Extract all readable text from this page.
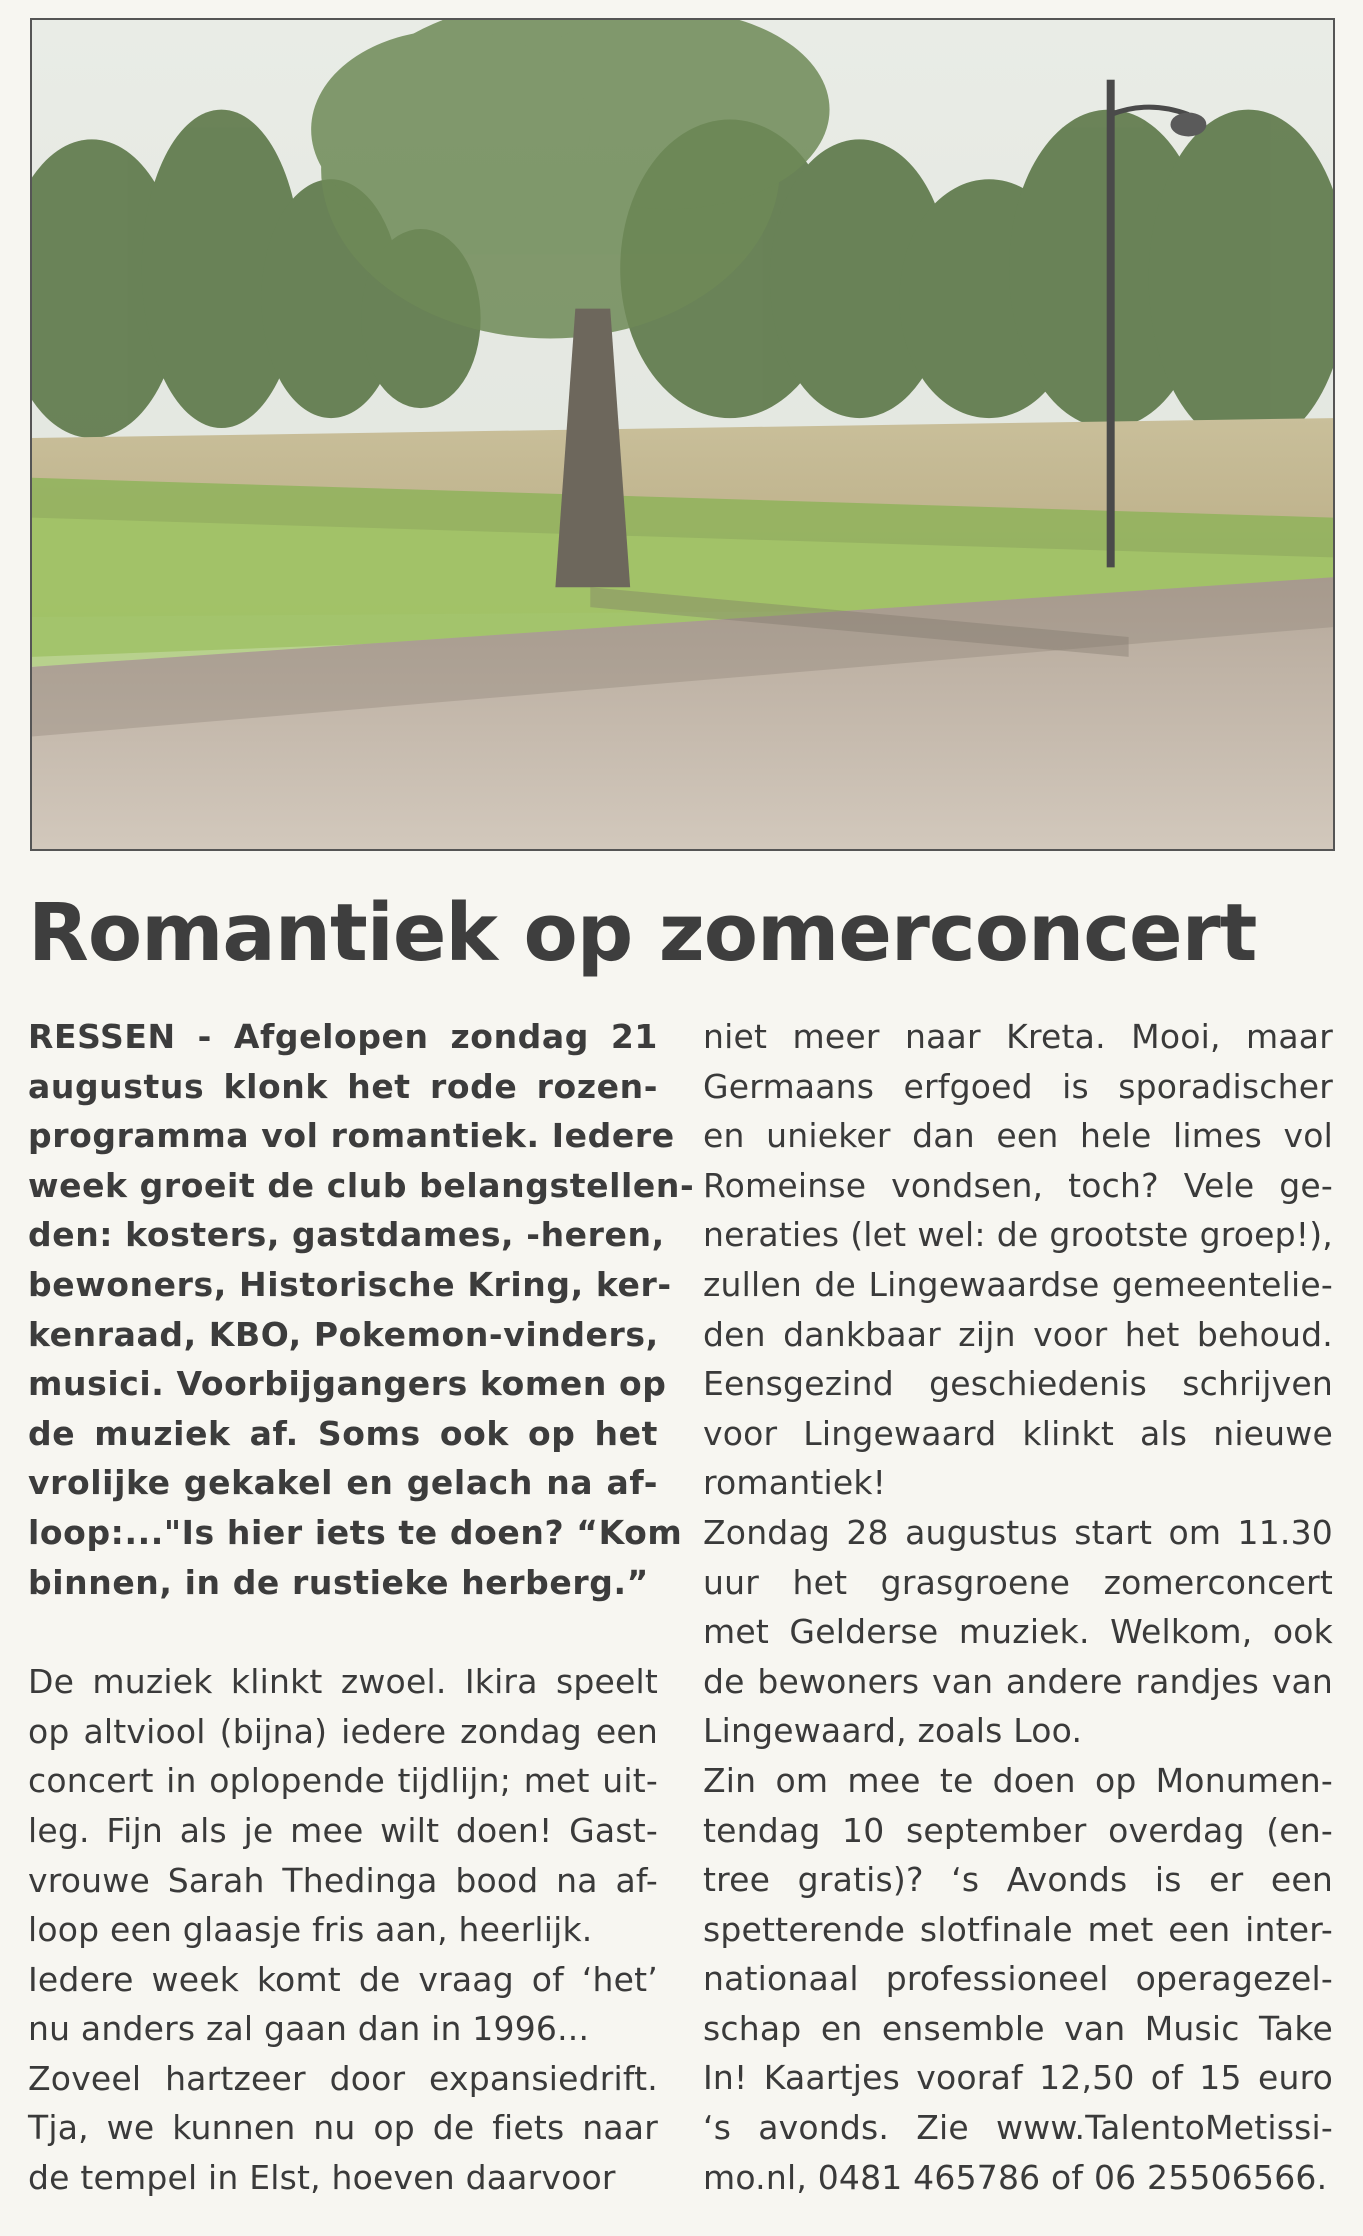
Romantiek op zomerconcert

RESSEN - Afgelopen zondag 21
augustus klonk het rode rozen-
programma vol romantiek. Iedere
week groeit de club belangstellen-
den: kosters, gastdames, -heren,
bewoners, Historische Kring, ker-
kenraad, KBO, Pokemon-vinders,
musici. Voorbijgangers komen op
de muziek af. Soms ook op het
vrolijke gekakel en gelach na af-
loop:..."Is hier iets te doen? “Kom
binnen, in de rustieke herberg.”

De muziek klinkt zwoel. Ikira speelt
op altviool (bijna) iedere zondag een
concert in oplopende tijdlijn; met uit-
leg. Fijn als je mee wilt doen! Gast-
vrouwe Sarah Thedinga bood na af-
loop een glaasje fris aan, heerlijk.
Iedere week komt de vraag of ‘het’
nu anders zal gaan dan in 1996...
Zoveel hartzeer door expansiedrift.
Tja, we kunnen nu op de fiets naar
de tempel in Elst, hoeven daarvoor

niet meer naar Kreta. Mooi, maar
Germaans erfgoed is sporadischer
en unieker dan een hele limes vol
Romeinse vondsen, toch? Vele ge-
neraties (let wel: de grootste groep!),
zullen de Lingewaardse gemeentelie-
den dankbaar zijn voor het behoud.
Eensgezind geschiedenis schrijven
voor Lingewaard klinkt als nieuwe
romantiek!
Zondag 28 augustus start om 11.30
uur het grasgroene zomerconcert
met Gelderse muziek. Welkom, ook
de bewoners van andere randjes van
Lingewaard, zoals Loo.
Zin om mee te doen op Monumen-
tendag 10 september overdag (en-
tree gratis)? ‘s Avonds is er een
spetterende slotfinale met een inter-
nationaal professioneel operagezel-
schap en ensemble van Music Take
In! Kaartjes vooraf 12,50 of 15 euro
‘s avonds. Zie www.TalentoMetissi-
mo.nl, 0481 465786 of 06 25506566.
